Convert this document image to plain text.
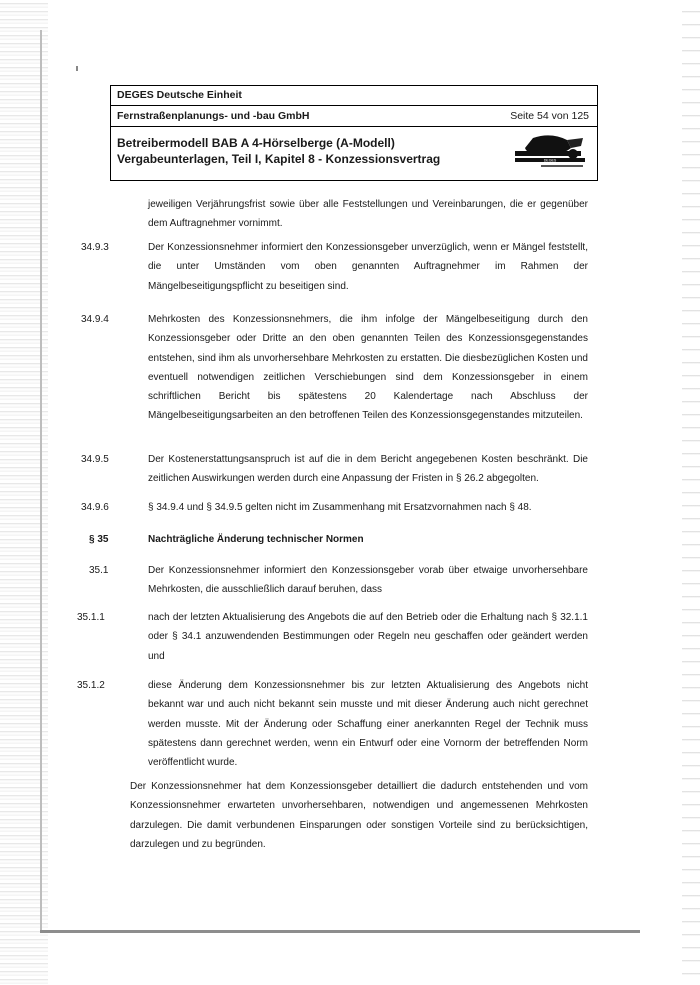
DEGES Deutsche Einheit
Fernstraßenplanungs- und -bau GmbH	Seite 54 von 125
Betreibermodell BAB A 4-Hörselberge (A-Modell)
Vergabeunterlagen, Teil I, Kapitel 8 - Konzessionsvertrag	DEGES

jeweiligen Verjährungsfrist sowie über alle Feststellungen und Vereinbarungen, die er gegenüber dem Auftragnehmer vornimmt.

34.9.3	Der Konzessionsnehmer informiert den Konzessionsgeber unverzüglich, wenn er Mängel feststellt, die unter Umständen vom oben genannten Auftragnehmer im Rahmen der Mängelbeseitigungspflicht zu beseitigen sind.

34.9.4	Mehrkosten des Konzessionsnehmers, die ihm infolge der Mängelbeseitigung durch den Konzessionsgeber oder Dritte an den oben genannten Teilen des Konzessionsgegenstandes entstehen, sind ihm als unvorhersehbare Mehrkosten zu erstatten. Die diesbezüglichen Kosten und eventuell notwendigen zeitlichen Verschiebungen sind dem Konzessionsgeber in einem schriftlichen Bericht bis spätestens 20 Kalendertage nach Abschluss der Mängelbeseitigungsarbeiten an den betroffenen Teilen des Konzessionsgegenstandes mitzuteilen.

34.9.5	Der Kostenerstattungsanspruch ist auf die in dem Bericht angegebenen Kosten beschränkt. Die zeitlichen Auswirkungen werden durch eine Anpassung der Fristen in § 26.2 abgegolten.

34.9.6	§ 34.9.4 und § 34.9.5 gelten nicht im Zusammenhang mit Ersatzvornahmen nach § 48.

§ 35	Nachträgliche Änderung technischer Normen
35.1	Der Konzessionsnehmer informiert den Konzessionsgeber vorab über etwaige unvorhersehbare Mehrkosten, die ausschließlich darauf beruhen, dass

35.1.1	nach der letzten Aktualisierung des Angebots die auf den Betrieb oder die Erhaltung nach § 32.1.1 oder § 34.1 anzuwendenden Bestimmungen oder Regeln neu geschaffen oder geändert werden und

35.1.2	diese Änderung dem Konzessionsnehmer bis zur letzten Aktualisierung des Angebots nicht bekannt war und auch nicht bekannt sein musste und mit dieser Änderung auch nicht gerechnet werden musste. Mit der Änderung oder Schaffung einer anerkannten Regel der Technik muss spätestens dann gerechnet werden, wenn ein Entwurf oder eine Vornorm der betreffenden Norm veröffentlicht wurde.

Der Konzessionsnehmer hat dem Konzessionsgeber detailliert die dadurch entstehenden und vom Konzessionsnehmer erwarteten unvorhersehbaren, notwendigen und angemessenen Mehrkosten darzulegen. Die damit verbundenen Einsparungen oder sonstigen Vorteile sind zu berücksichtigen, darzulegen und zu begründen.
